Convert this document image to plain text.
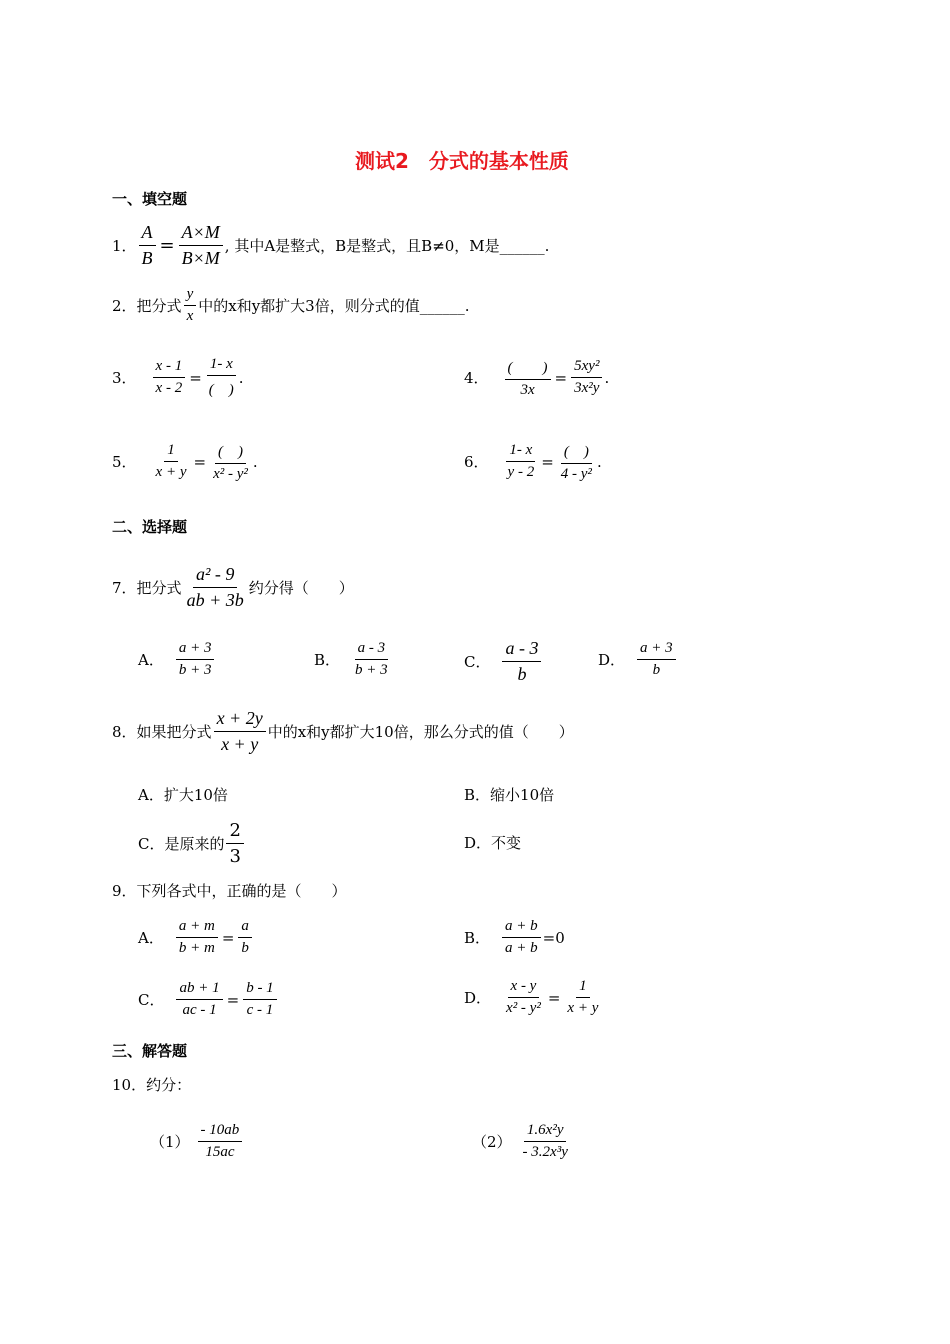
测试2　分式的基本性质
一、填空题
1． $\frac{A}{B} = \frac{A\times M}{B\times M}$ , 其中A是整式，B是整式，且B≠0，M是______.
2． 把分式 $\frac{y}{x}$ 中的x和y都扩大3倍，则分式的值______.
3． $\frac{x - 1}{x - 2} = \frac{1- x}{( )}$ .	4． $\frac{( )}{3x} = \frac{\text{5xy²}}{\text{3x²y}}$ .
5． $\frac{1}{x + y} = \frac{( )}{\text{x² - y²}}$ .	6． $\frac{1- x}{y - 2} = \frac{( )}{\text{4 - y²}}$ .
二、选择题
7． 把分式 $\frac{\text{a² - 9}}{ab + 3b}$ 约分得（　　）
A． $\frac{a + 3}{b + 3}$	B． $\frac{a - 3}{b + 3}$	C． $\frac{a - 3}{b}$	D． $\frac{a + 3}{b}$
8． 如果把分式 $\frac{x + 2y}{x + y}$ 中的x和y都扩大10倍，那么分式的值（　　）
A．扩大10倍	B．缩小10倍
C．是原来的 $\frac{2}{3}$	D．不变
9． 下列各式中，正确的是（　　）
A． $\frac{a + m}{b + m} = \frac{a}{b}$	B． $\frac{a + b}{a + b} =0$
C． $\frac{ab + 1}{ac - 1} = \frac{b - 1}{c - 1}$	D． $\frac{x - y}{\text{x² - y²}} = \frac{1}{x + y}$
三、解答题
10． 约分：
$(1) \frac{- 10ab}{15ac}$	$(2) \frac{\text{1.6x²y}}{\text{- 3.2x³y}}$
